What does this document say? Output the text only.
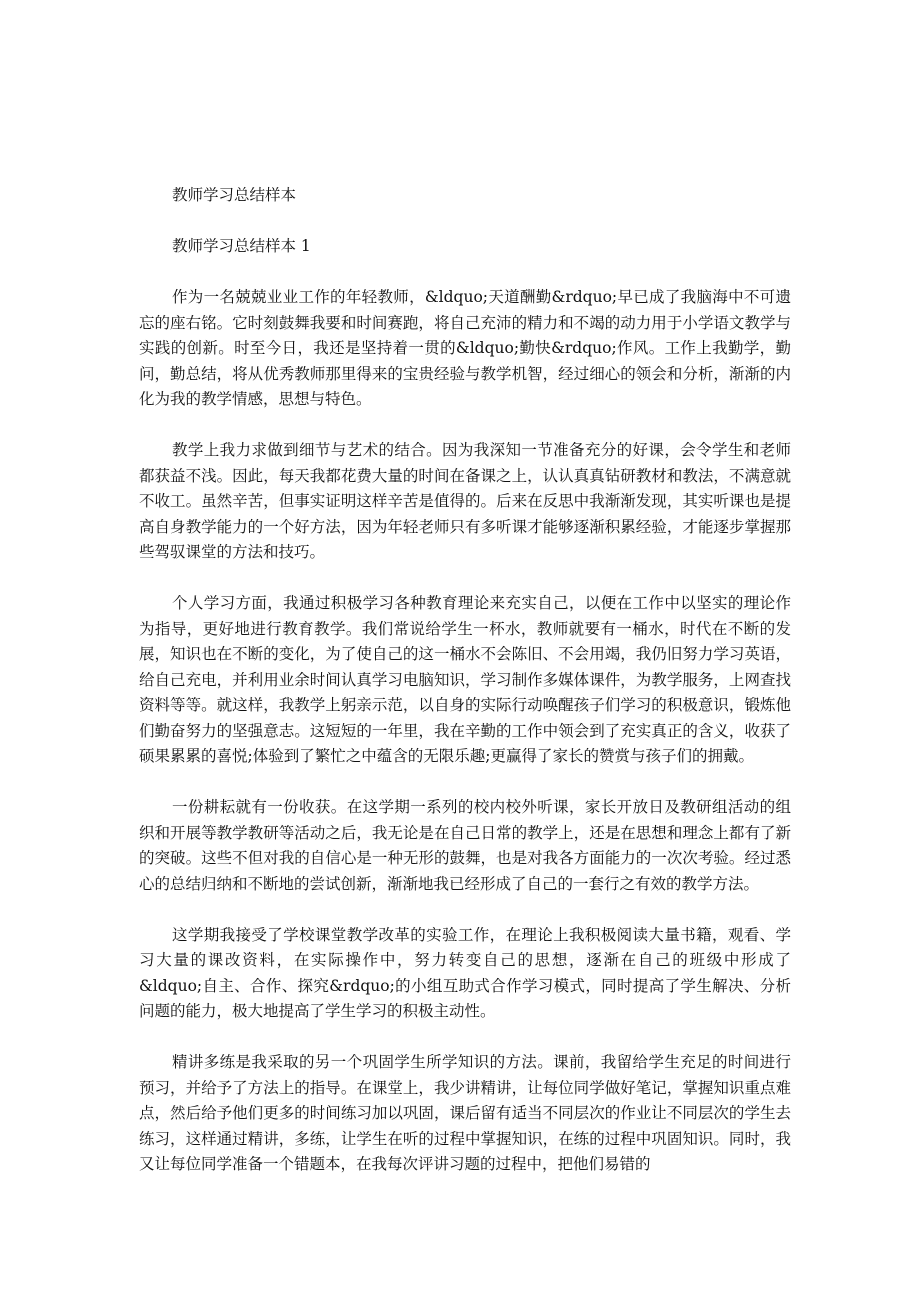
教师学习总结样本

教师学习总结样本 1

作为一名兢兢业业工作的年轻教师，&ldquo;天道酬勤&rdquo;早已成了我脑海中不可遗忘的座右铭。它时刻鼓舞我要和时间赛跑，将自己充沛的精力和不竭的动力用于小学语文教学与实践的创新。时至今日，我还是坚持着一贯的&ldquo;勤快&rdquo;作风。工作上我勤学，勤问，勤总结，将从优秀教师那里得来的宝贵经验与教学机智，经过细心的领会和分析，渐渐的内化为我的教学情感，思想与特色。

教学上我力求做到细节与艺术的结合。因为我深知一节准备充分的好课，会令学生和老师都获益不浅。因此，每天我都花费大量的时间在备课之上，认认真真钻研教材和教法，不满意就不收工。虽然辛苦，但事实证明这样辛苦是值得的。后来在反思中我渐渐发现，其实听课也是提高自身教学能力的一个好方法，因为年轻老师只有多听课才能够逐渐积累经验，才能逐步掌握那些驾驭课堂的方法和技巧。

个人学习方面，我通过积极学习各种教育理论来充实自己，以便在工作中以坚实的理论作为指导，更好地进行教育教学。我们常说给学生一杯水，教师就要有一桶水，时代在不断的发展，知识也在不断的变化，为了使自己的这一桶水不会陈旧、不会用竭，我仍旧努力学习英语，给自己充电，并利用业余时间认真学习电脑知识，学习制作多媒体课件，为教学服务，上网查找资料等等。就这样，我教学上躬亲示范，以自身的实际行动唤醒孩子们学习的积极意识，锻炼他们勤奋努力的坚强意志。这短短的一年里，我在辛勤的工作中领会到了充实真正的含义，收获了硕果累累的喜悦;体验到了繁忙之中蕴含的无限乐趣;更赢得了家长的赞赏与孩子们的拥戴。

一份耕耘就有一份收获。在这学期一系列的校内校外听课，家长开放日及教研组活动的组织和开展等教学教研等活动之后，我无论是在自己日常的教学上，还是在思想和理念上都有了新的突破。这些不但对我的自信心是一种无形的鼓舞，也是对我各方面能力的一次次考验。经过悉心的总结归纳和不断地的尝试创新，渐渐地我已经形成了自己的一套行之有效的教学方法。

这学期我接受了学校课堂教学改革的实验工作，在理论上我积极阅读大量书籍，观看、学习大量的课改资料，在实际操作中，努力转变自己的思想，逐渐在自己的班级中形成了&ldquo;自主、合作、探究&rdquo;的小组互助式合作学习模式，同时提高了学生解决、分析问题的能力，极大地提高了学生学习的积极主动性。

精讲多练是我采取的另一个巩固学生所学知识的方法。课前，我留给学生充足的时间进行预习，并给予了方法上的指导。在课堂上，我少讲精讲，让每位同学做好笔记，掌握知识重点难点，然后给予他们更多的时间练习加以巩固，课后留有适当不同层次的作业让不同层次的学生去练习，这样通过精讲，多练，让学生在听的过程中掌握知识，在练的过程中巩固知识。同时，我又让每位同学准备一个错题本，在我每次评讲习题的过程中，把他们易错的
